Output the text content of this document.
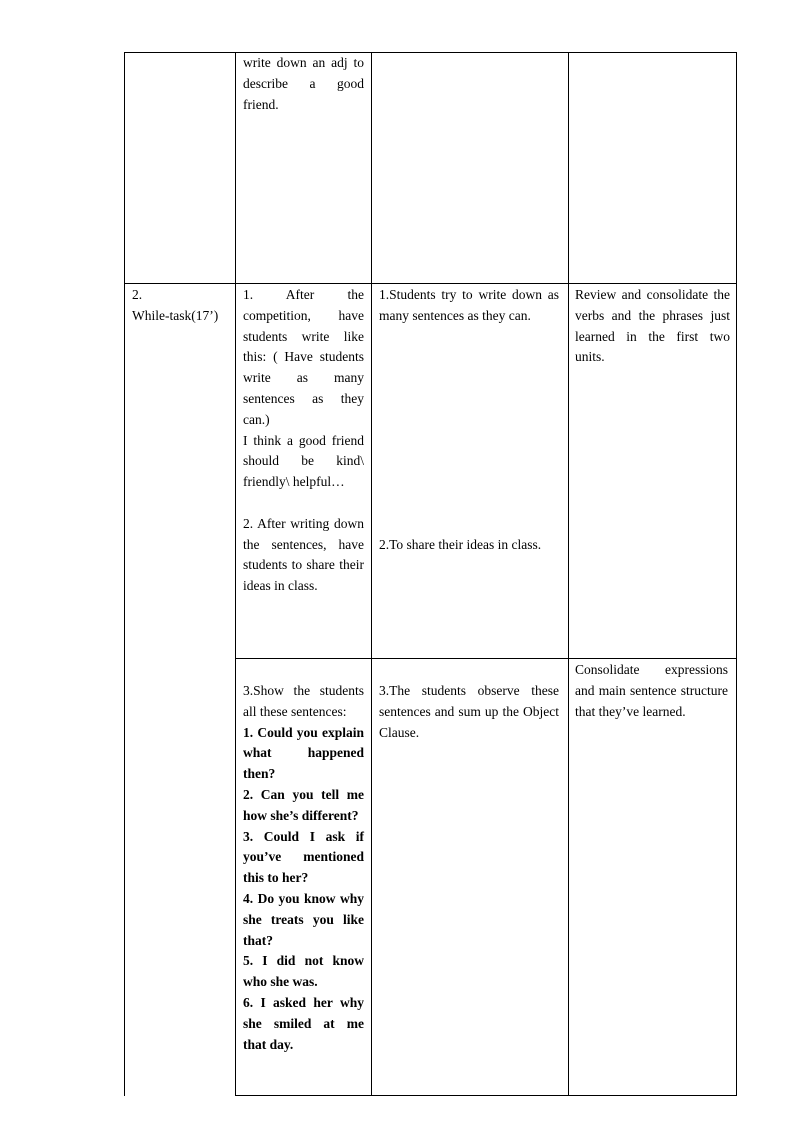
write down an adj to describe a good friend.

2.

While-task(17’)

1. After the competition, have students write like this: ( Have students write as many sentences as they can.)

I think a good friend should be kind\ friendly\ helpful…

2. After writing down the sentences, have students to share their ideas in class.

1.Students try to write down as many sentences as they can.

2.To share their ideas in class.

Review and consolidate the verbs and the phrases just learned in the first two units.

3.Show the students all these sentences:

1. Could you explain what happened then?

2. Can you tell me how she’s different?

3. Could I ask if you’ve mentioned this to her?

4. Do you know why she treats you like that?

5. I did not know who she was.

6. I asked her why she smiled at me that day.

3.The students observe these sentences and sum up the Object Clause.

Consolidate expressions and main sentence structure that they’ve learned.
